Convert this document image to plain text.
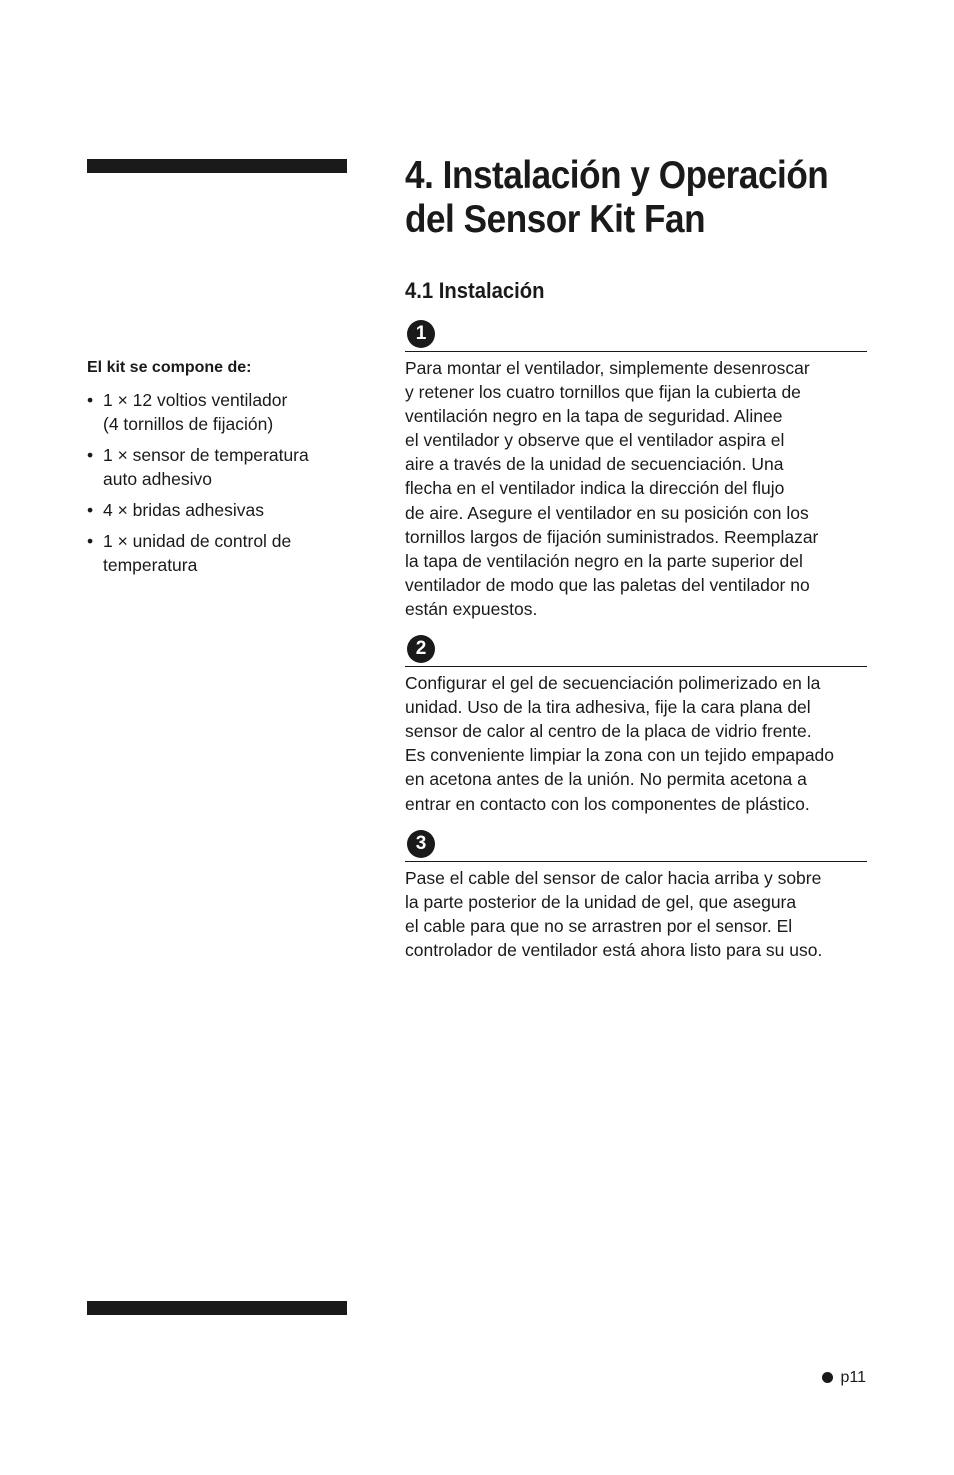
El kit se compone de:

• 1 × 12 voltios ventilador
(4 tornillos de fijación)
• 1 × sensor de temperatura
auto adhesivo
• 4 × bridas adhesivas
• 1 × unidad de control de
temperatura
4. Instalación y Operación
del Sensor Kit Fan
4.1 Instalación
1

Para montar el ventilador, simplemente desenroscar
y retener los cuatro tornillos que fijan la cubierta de
ventilación negro en la tapa de seguridad. Alinee
el ventilador y observe que el ventilador aspira el
aire a través de la unidad de secuenciación. Una
flecha en el ventilador indica la dirección del flujo
de aire. Asegure el ventilador en su posición con los
tornillos largos de fijación suministrados. Reemplazar
la tapa de ventilación negro en la parte superior del
ventilador de modo que las paletas del ventilador no
están expuestos.

2

Configurar el gel de secuenciación polimerizado en la
unidad. Uso de la tira adhesiva, fije la cara plana del
sensor de calor al centro de la placa de vidrio frente.
Es conveniente limpiar la zona con un tejido empapado
en acetona antes de la unión. No permita acetona a
entrar en contacto con los componentes de plástico.

3

Pase el cable del sensor de calor hacia arriba y sobre
la parte posterior de la unidad de gel, que asegura
el cable para que no se arrastren por el sensor. El
controlador de ventilador está ahora listo para su uso.

p11
